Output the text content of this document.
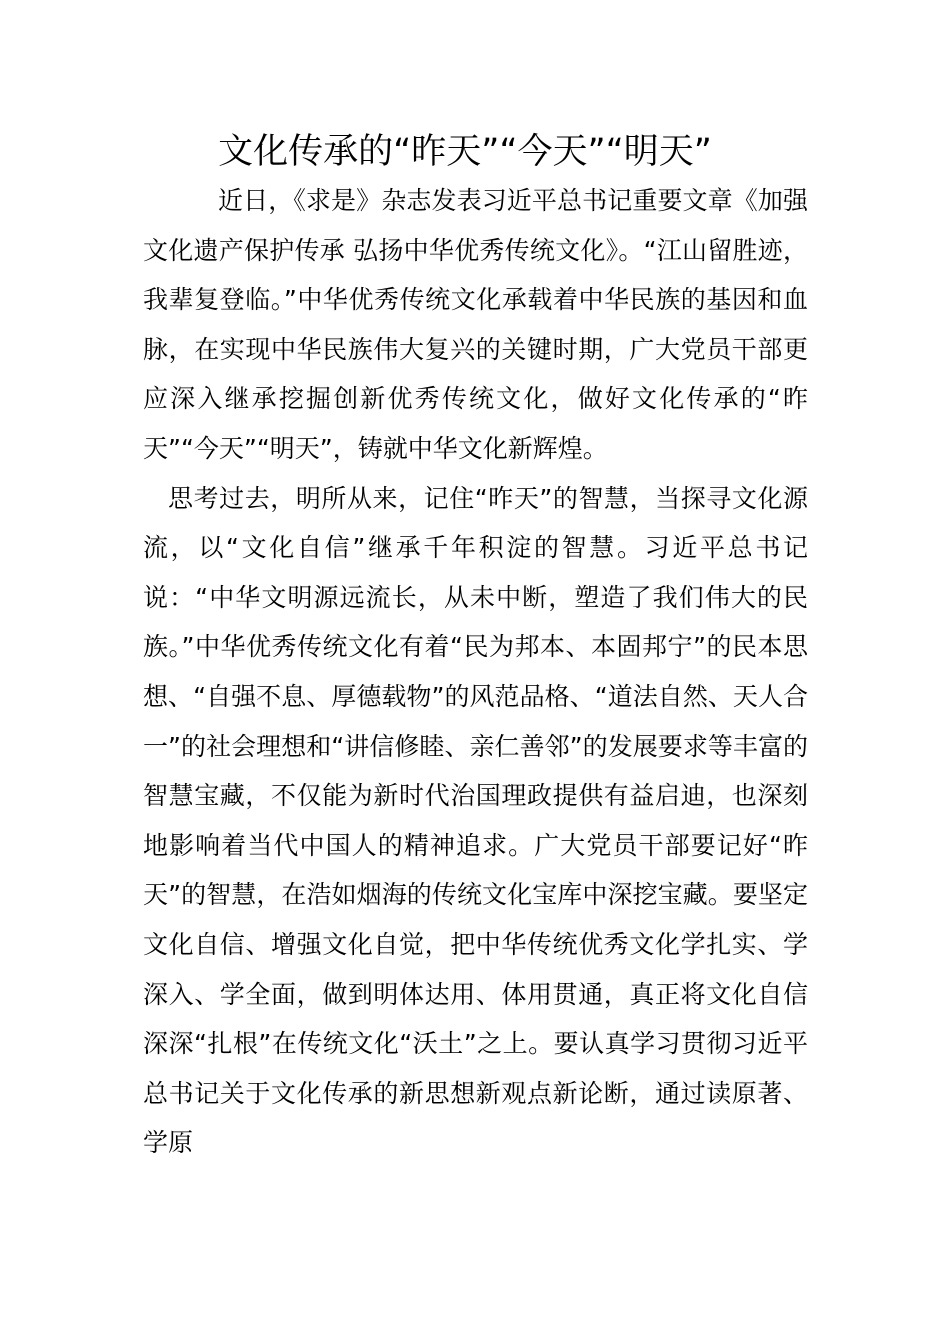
文化传承的“昨天”“今天”“明天”

近日，《求是》杂志发表习近平总书记重要文章《加强文化遗产保护传承 弘扬中华优秀传统文化》。“江山留胜迹，我辈复登临。”中华优秀传统文化承载着中华民族的基因和血脉，在实现中华民族伟大复兴的关键时期，广大党员干部更应深入继承挖掘创新优秀传统文化，做好文化传承的“昨天”“今天”“明天”，铸就中华文化新辉煌。

思考过去，明所从来，记住“昨天”的智慧，当探寻文化源流，以“文化自信”继承千年积淀的智慧。习近平总书记说：“中华文明源远流长，从未中断，塑造了我们伟大的民族。”中华优秀传统文化有着“民为邦本、本固邦宁”的民本思想、“自强不息、厚德载物”的风范品格、“道法自然、天人合一”的社会理想和“讲信修睦、亲仁善邻”的发展要求等丰富的智慧宝藏，不仅能为新时代治国理政提供有益启迪，也深刻地影响着当代中国人的精神追求。广大党员干部要记好“昨天”的智慧，在浩如烟海的传统文化宝库中深挖宝藏。要坚定文化自信、增强文化自觉，把中华传统优秀文化学扎实、学深入、学全面，做到明体达用、体用贯通，真正将文化自信深深“扎根”在传统文化“沃土”之上。要认真学习贯彻习近平总书记关于文化传承的新思想新观点新论断，通过读原著、学原
